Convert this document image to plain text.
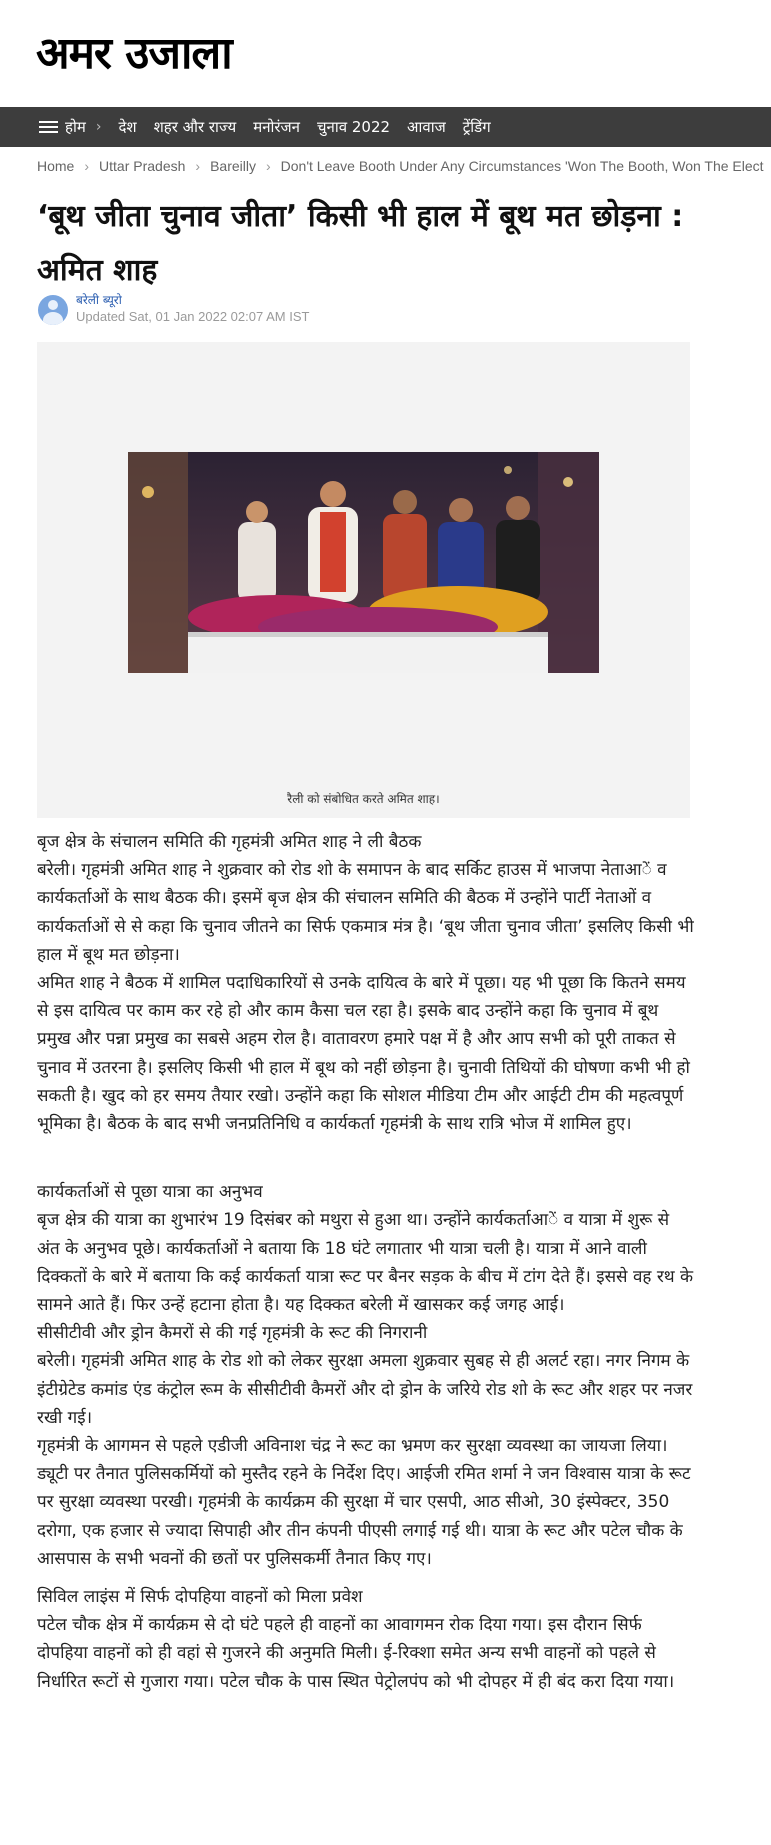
अमर उजाला
होम › देश शहर और राज्य मनोरंजन चुनाव 2022 आवाज ट्रेंडिंग
Home › Uttar Pradesh › Bareilly › Don't Leave Booth Under Any Circumstances 'Won The Booth, Won The Elect
‘बूथ जीता चुनाव जीता’ किसी भी हाल में बूथ मत छोड़ना : अमित शाह
बरेली ब्यूरो
Updated Sat, 01 Jan 2022 02:07 AM IST
रैली को संबोधित करते अमित शाह।

बृज क्षेत्र के संचालन समिति की गृहमंत्री अमित शाह ने ली बैठक

बरेली। गृहमंत्री अमित शाह ने शुक्रवार को रोड शो के समापन के बाद सर्किट हाउस में भाजपा नेताआें व कार्यकर्ताओं के साथ बैठक की। इसमें बृज क्षेत्र की संचालन समिति की बैठक में उन्होंने पार्टी नेताओं व कार्यकर्ताओं से से कहा कि चुनाव जीतने का सिर्फ एकमात्र मंत्र है। ‘बूथ जीता चुनाव जीता’ इसलिए किसी भी हाल में बूथ मत छोड़ना।

अमित शाह ने बैठक में शामिल पदाधिकारियों से उनके दायित्व के बारे में पूछा। यह भी पूछा कि कितने समय से इस दायित्व पर काम कर रहे हो और काम कैसा चल रहा है। इसके बाद उन्होंने कहा कि चुनाव में बूथ प्रमुख और पन्ना प्रमुख का सबसे अहम रोल है। वातावरण हमारे पक्ष में है और आप सभी को पूरी ताकत से चुनाव में उतरना है। इसलिए किसी भी हाल में बूथ को नहीं छोड़ना है। चुनावी तिथियों की घोषणा कभी भी हो सकती है। खुद को हर समय तैयार रखो। उन्होंने कहा कि सोशल मीडिया टीम और आईटी टीम की महत्वपूर्ण भूमिका है। बैठक के बाद सभी जनप्रतिनिधि व कार्यकर्ता गृहमंत्री के साथ रात्रि भोज में शामिल हुए।

कार्यकर्ताओं से पूछा यात्रा का अनुभव

बृज क्षेत्र की यात्रा का शुभारंभ 19 दिसंबर को मथुरा से हुआ था। उन्होंने कार्यकर्ताआें व यात्रा में शुरू से अंत के अनुभव पूछे। कार्यकर्ताओं ने बताया कि 18 घंटे लगातार भी यात्रा चली है। यात्रा में आने वाली दिक्कतों के बारे में बताया कि कई कार्यकर्ता यात्रा रूट पर बैनर सड़क के बीच में टांग देते हैं। इससे वह रथ के सामने आते हैं। फिर उन्हें हटाना होता है। यह दिक्कत बरेली में खासकर कई जगह आई।

सीसीटीवी और ड्रोन कैमरों से की गई गृहमंत्री के रूट की निगरानी

बरेली। गृहमंत्री अमित शाह के रोड शो को लेकर सुरक्षा अमला शुक्रवार सुबह से ही अलर्ट रहा। नगर निगम के इंटीग्रेटेड कमांड एंड कंट्रोल रूम के सीसीटीवी कैमरों और दो ड्रोन के जरिये रोड शो के रूट और शहर पर नजर रखी गई।

गृहमंत्री के आगमन से पहले एडीजी अविनाश चंद्र ने रूट का भ्रमण कर सुरक्षा व्यवस्था का जायजा लिया। ड्यूटी पर तैनात पुलिसकर्मियों को मुस्तैद रहने के निर्देश दिए। आईजी रमित शर्मा ने जन विश्वास यात्रा के रूट पर सुरक्षा व्यवस्था परखी। गृहमंत्री के कार्यक्रम की सुरक्षा में चार एसपी, आठ सीओ, 30 इंस्पेक्टर, 350 दरोगा, एक हजार से ज्यादा सिपाही और तीन कंपनी पीएसी लगाई गई थी। यात्रा के रूट और पटेल चौक के आसपास के सभी भवनों की छतों पर पुलिसकर्मी तैनात किए गए।

सिविल लाइंस में सिर्फ दोपहिया वाहनों को मिला प्रवेश

पटेल चौक क्षेत्र में कार्यक्रम से दो घंटे पहले ही वाहनों का आवागमन रोक दिया गया। इस दौरान सिर्फ दोपहिया वाहनों को ही वहां से गुजरने की अनुमति मिली। ई-रिक्शा समेत अन्य सभी वाहनों को पहले से निर्धारित रूटों से गुजारा गया। पटेल चौक के पास स्थित पेट्रोलपंप को भी दोपहर में ही बंद करा दिया गया।
